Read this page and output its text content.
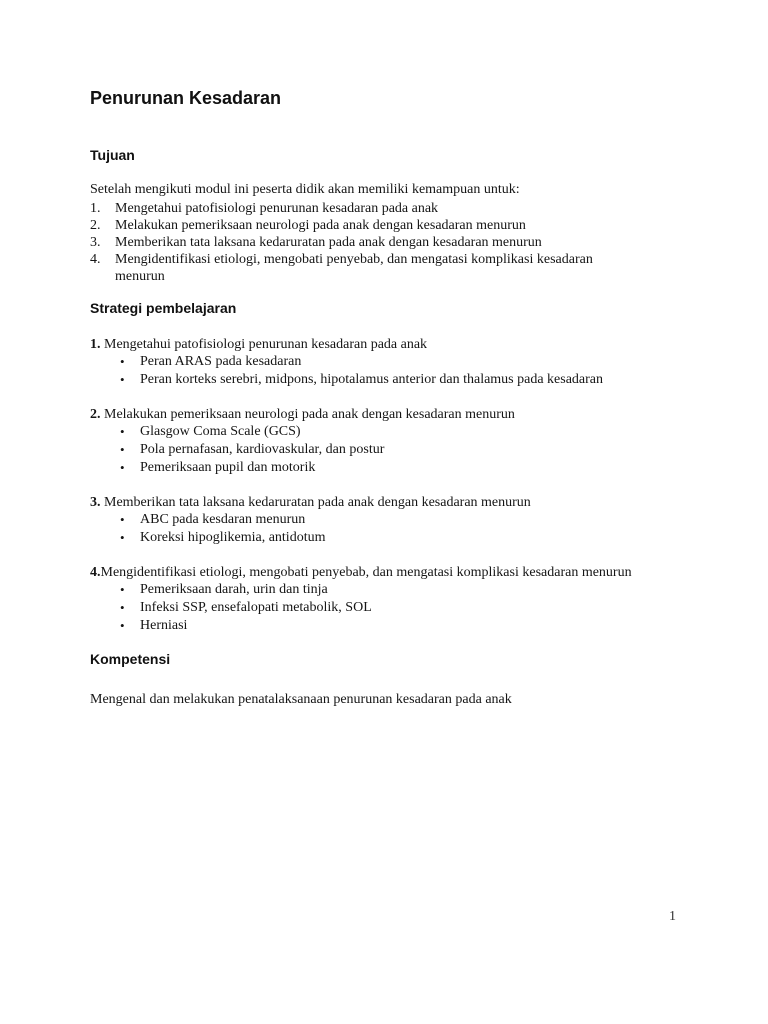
Penurunan Kesadaran
Tujuan

Setelah mengikuti modul ini peserta didik akan memiliki kemampuan untuk:

1.	Mengetahui patofisiologi penurunan kesadaran pada anak
2.	Melakukan pemeriksaan neurologi pada anak dengan kesadaran menurun
3.	Memberikan tata laksana kedaruratan pada anak dengan kesadaran menurun
4.	Mengidentifikasi etiologi, mengobati penyebab, dan mengatasi komplikasi kesadaran menurun
Strategi pembelajaran

1. Mengetahui patofisiologi penurunan kesadaran pada anak

•	Peran ARAS pada kesadaran
•	Peran korteks serebri, midpons, hipotalamus anterior dan thalamus pada kesadaran

2. Melakukan pemeriksaan neurologi pada anak dengan kesadaran menurun

•	Glasgow Coma Scale (GCS)
•	Pola pernafasan, kardiovaskular, dan postur
•	Pemeriksaan pupil dan motorik

3. Memberikan tata laksana kedaruratan pada anak dengan kesadaran menurun

•	ABC pada kesdaran menurun
•	Koreksi hipoglikemia, antidotum

4.Mengidentifikasi etiologi, mengobati penyebab, dan mengatasi komplikasi kesadaran menurun

•	Pemeriksaan darah, urin dan tinja
•	Infeksi SSP, ensefalopati metabolik, SOL
•	Herniasi
Kompetensi

Mengenal dan melakukan penatalaksanaan penurunan kesadaran pada anak

1
